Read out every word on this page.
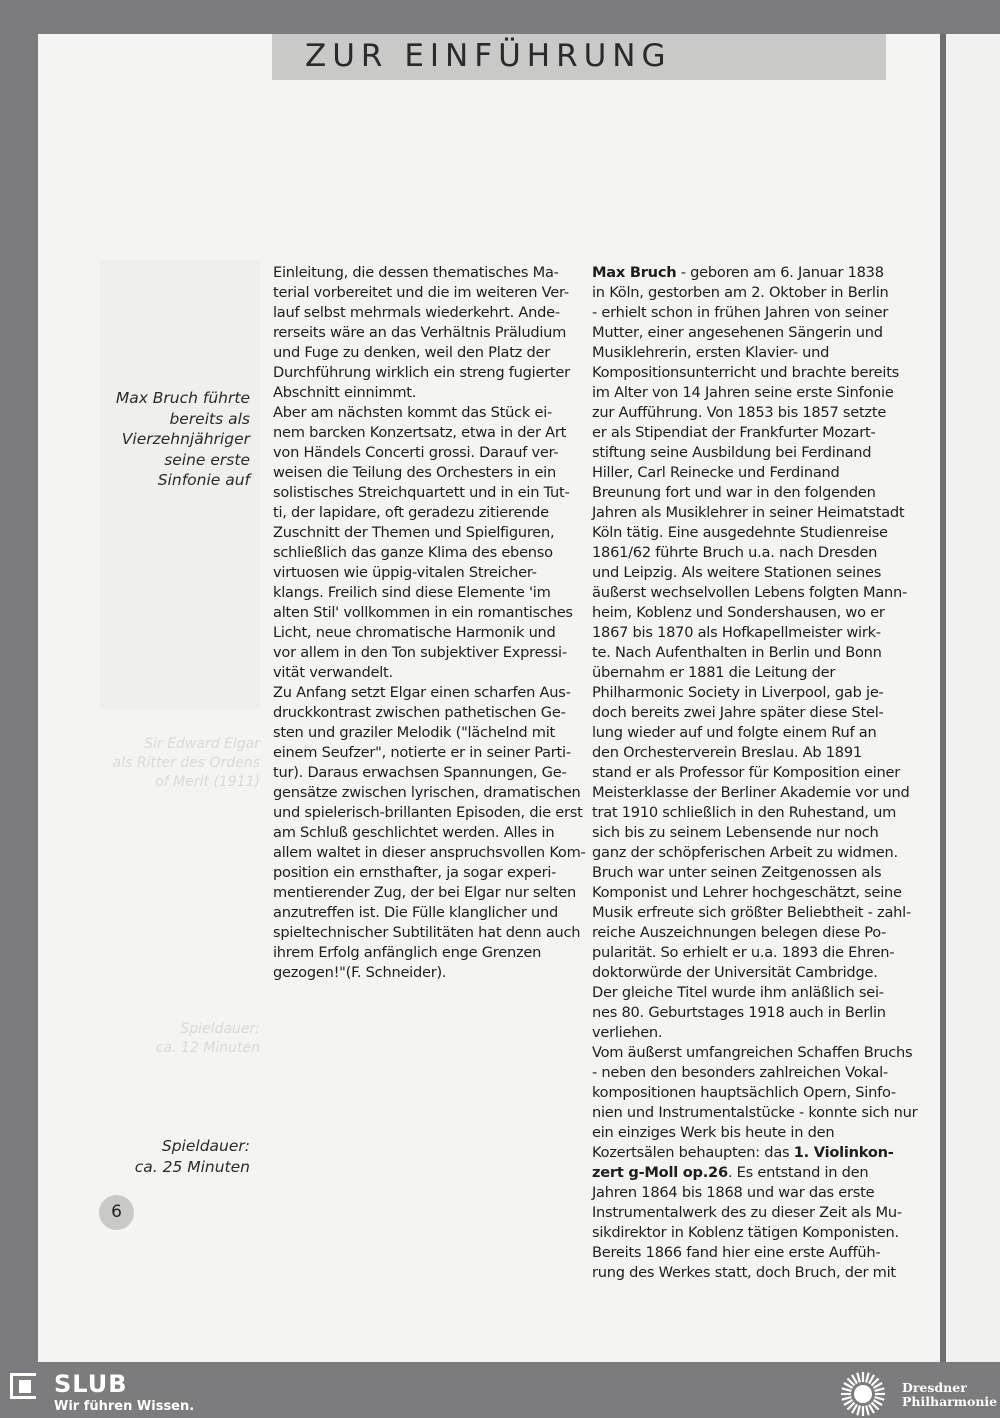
ZUR EINFÜHRUNG
Sir Edward Elgar
als Ritter des Ordens
of Merit (1911)
Spieldauer:
ca. 12 Minuten
Max Bruch führte
bereits als
Vierzehnjähriger
seine erste
Sinfonie auf
Spieldauer:
ca. 25 Minuten
Einleitung, die dessen thematisches Ma-
terial vorbereitet und die im weiteren Ver-
lauf selbst mehrmals wiederkehrt. Ande-
rerseits wäre an das Verhältnis Präludium
und Fuge zu denken, weil den Platz der
Durchführung wirklich ein streng fugierter
Abschnitt einnimmt.
Aber am nächsten kommt das Stück ei-
nem barcken Konzertsatz, etwa in der Art
von Händels Concerti grossi. Darauf ver-
weisen die Teilung des Orchesters in ein
solistisches Streichquartett und in ein Tut-
ti, der lapidare, oft geradezu zitierende
Zuschnitt der Themen und Spielfiguren,
schließlich das ganze Klima des ebenso
virtuosen wie üppig-vitalen Streicher-
klangs. Freilich sind diese Elemente 'im
alten Stil' vollkommen in ein romantisches
Licht, neue chromatische Harmonik und
vor allem in den Ton subjektiver Expressi-
vität verwandelt.
Zu Anfang setzt Elgar einen scharfen Aus-
druckkontrast zwischen pathetischen Ge-
sten und graziler Melodik ("lächelnd mit
einem Seufzer", notierte er in seiner Parti-
tur). Daraus erwachsen Spannungen, Ge-
gensätze zwischen lyrischen, dramatischen
und spielerisch-brillanten Episoden, die erst
am Schluß geschlichtet werden. Alles in
allem waltet in dieser anspruchsvollen Kom-
position ein ernsthafter, ja sogar experi-
mentierender Zug, der bei Elgar nur selten
anzutreffen ist. Die Fülle klanglicher und
spieltechnischer Subtilitäten hat denn auch
ihrem Erfolg anfänglich enge Grenzen
gezogen!"(F. Schneider).
Max Bruch - geboren am 6. Januar 1838
in Köln, gestorben am 2. Oktober in Berlin
- erhielt schon in frühen Jahren von seiner
Mutter, einer angesehenen Sängerin und
Musiklehrerin, ersten Klavier- und
Kompositionsunterricht und brachte bereits
im Alter von 14 Jahren seine erste Sinfonie
zur Aufführung. Von 1853 bis 1857 setzte
er als Stipendiat der Frankfurter Mozart-
stiftung seine Ausbildung bei Ferdinand
Hiller, Carl Reinecke und Ferdinand
Breunung fort und war in den folgenden
Jahren als Musiklehrer in seiner Heimatstadt
Köln tätig. Eine ausgedehnte Studienreise
1861/62 führte Bruch u.a. nach Dresden
und Leipzig. Als weitere Stationen seines
äußerst wechselvollen Lebens folgten Mann-
heim, Koblenz und Sondershausen, wo er
1867 bis 1870 als Hofkapellmeister wirk-
te. Nach Aufenthalten in Berlin und Bonn
übernahm er 1881 die Leitung der
Philharmonic Society in Liverpool, gab je-
doch bereits zwei Jahre später diese Stel-
lung wieder auf und folgte einem Ruf an
den Orchesterverein Breslau. Ab 1891
stand er als Professor für Komposition einer
Meisterklasse der Berliner Akademie vor und
trat 1910 schließlich in den Ruhestand, um
sich bis zu seinem Lebensende nur noch
ganz der schöpferischen Arbeit zu widmen.
Bruch war unter seinen Zeitgenossen als
Komponist und Lehrer hochgeschätzt, seine
Musik erfreute sich größter Beliebtheit - zahl-
reiche Auszeichnungen belegen diese Po-
pularität. So erhielt er u.a. 1893 die Ehren-
doktorwürde der Universität Cambridge.
Der gleiche Titel wurde ihm anläßlich sei-
nes 80. Geburtstages 1918 auch in Berlin
verliehen.
Vom äußerst umfangreichen Schaffen Bruchs
- neben den besonders zahlreichen Vokal-
kompositionen hauptsächlich Opern, Sinfo-
nien und Instrumentalstücke - konnte sich nur
ein einziges Werk bis heute in den
Kozertsälen behaupten: das 1. Violinkon-
zert g-Moll op.26. Es entstand in den
Jahren 1864 bis 1868 und war das erste
Instrumentalwerk des zu dieser Zeit als Mu-
sikdirektor in Koblenz tätigen Komponisten.
Bereits 1866 fand hier eine erste Auffüh-
rung des Werkes statt, doch Bruch, der mit
6
SLUB
Wir führen Wissen.
Dresdner
Philharmonie
